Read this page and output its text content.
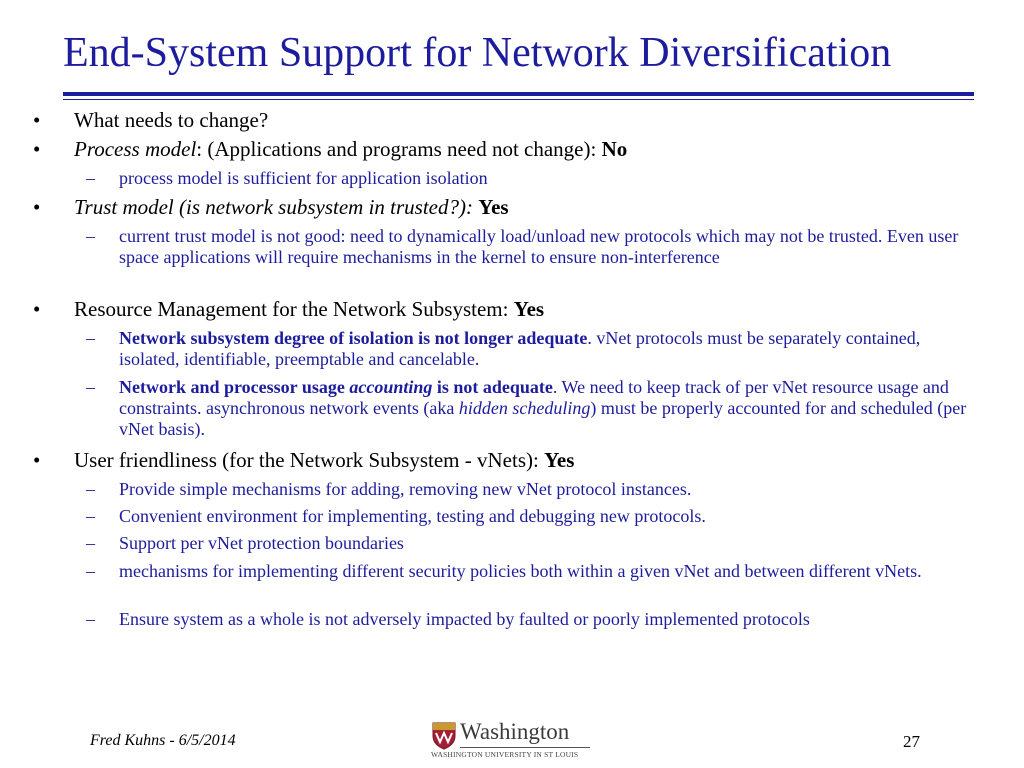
End-System Support for Network Diversification
• What needs to change?
• Process model: (Applications and programs need not change): No
– process model is sufficient for application isolation
• Trust model (is network subsystem in trusted?): Yes
– current trust model is not good: need to dynamically load/unload new protocols which may not be trusted. Even user space applications will require mechanisms in the kernel to ensure non-interference
• Resource Management for the Network Subsystem: Yes
– Network subsystem degree of isolation is not longer adequate. vNet protocols must be separately contained, isolated, identifiable, preemptable and cancelable.
– Network and processor usage accounting is not adequate. We need to keep track of per vNet resource usage and constraints. asynchronous network events (aka hidden scheduling) must be properly accounted for and scheduled (per vNet basis).
• User friendliness (for the Network Subsystem - vNets): Yes
– Provide simple mechanisms for adding, removing new vNet protocol instances.
– Convenient environment for implementing, testing and debugging new protocols.
– Support per vNet protection boundaries
– mechanisms for implementing different security policies both within a given vNet and between different vNets.
– Ensure system as a whole is not adversely impacted by faulted or poorly implemented protocols
Fred Kuhns - 6/5/2014	Washington
WASHINGTON UNIVERSITY IN ST LOUIS
27
